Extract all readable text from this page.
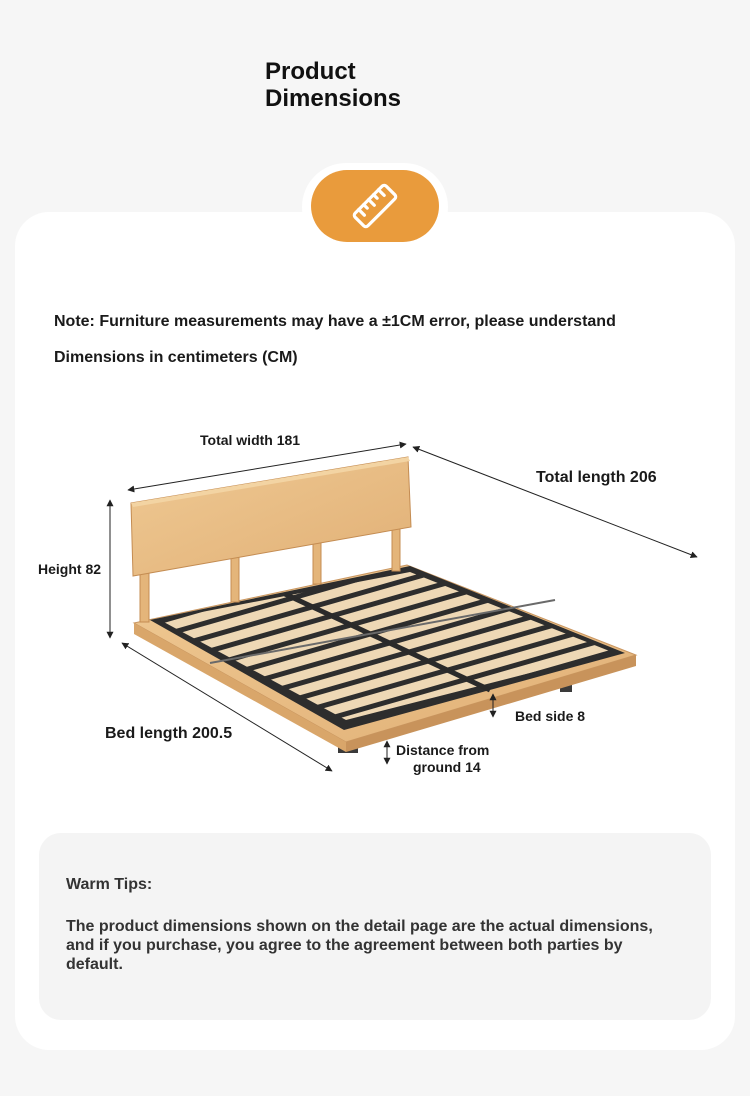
Product
Dimensions
Note: Furniture measurements may have a ±1CM error, please understand
Dimensions in centimeters (CM)
Total width 181
Total length 206
Height 82
Bed length 200.5
Bed side 8
Distance from
ground 14
Warm Tips:
The product dimensions shown on the detail page are the actual dimensions, and if you purchase, you agree to the agreement between both parties by default.
